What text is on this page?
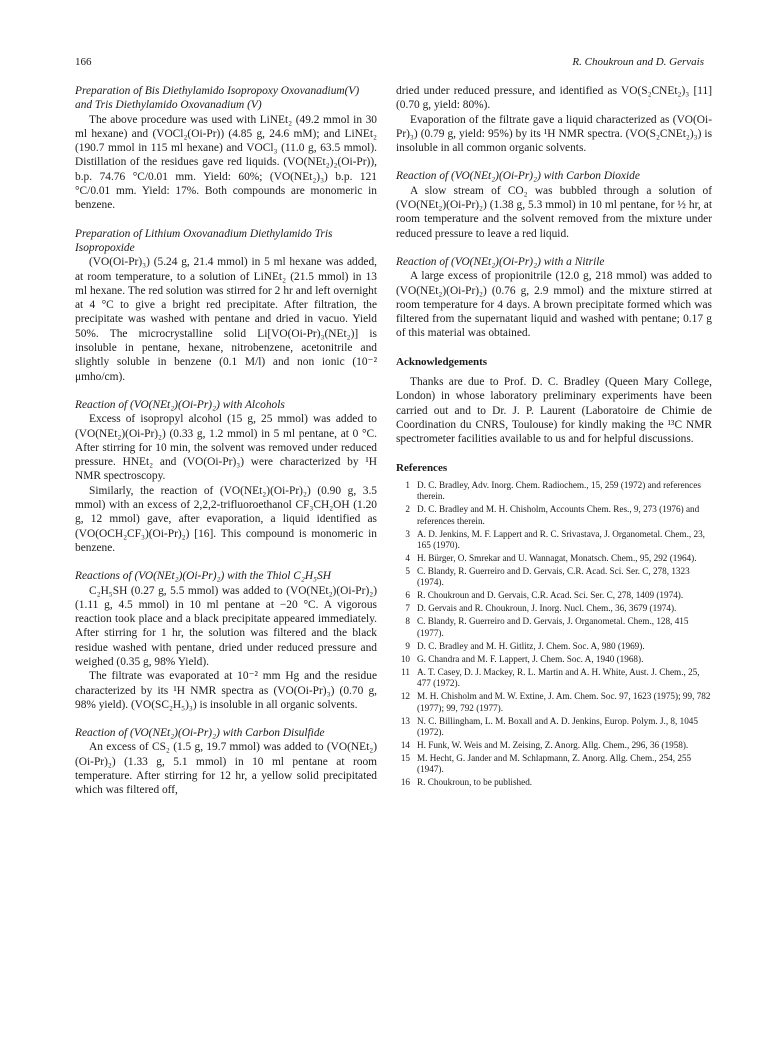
166	R. Choukroun and D. Gervais

Preparation of Bis Diethylamido Isopropoxy Oxovanadium(V) and Tris Diethylamido Oxovanadium (V)

The above procedure was used with LiNEt₂ (49.2 mmol in 30 ml hexane) and (VOCl₂(Oi-Pr)) (4.85 g, 24.6 mM); and LiNEt₂ (190.7 mmol in 115 ml hexane) and VOCl₃ (11.0 g, 63.5 mmol). Distillation of the residues gave red liquids. (VO(NEt₂)₂(Oi-Pr)), b.p. 74.76 °C/0.01 mm. Yield: 60%; (VO(NEt₂)₃) b.p. 121 °C/0.01 mm. Yield: 17%. Both compounds are monomeric in benzene.

Preparation of Lithium Oxovanadium Diethylamido Tris Isopropoxide

(VO(Oi-Pr)₃) (5.24 g, 21.4 mmol) in 5 ml hexane was added, at room temperature, to a solution of LiNEt₂ (21.5 mmol) in 13 ml hexane. The red solution was stirred for 2 hr and left overnight at 4 °C to give a bright red precipitate. After filtration, the precipitate was washed with pentane and dried in vacuo. Yield 50%. The microcrystalline solid Li[VO(Oi-Pr)₃(NEt₂)] is insoluble in pentane, hexane, nitrobenzene, acetonitrile and slightly soluble in benzene (0.1 M/l) and non ionic (10⁻² μmho/cm).

Reaction of (VO(NEt₂)(Oi-Pr)₂) with Alcohols

Excess of isopropyl alcohol (15 g, 25 mmol) was added to (VO(NEt₂)(Oi-Pr)₂) (0.33 g, 1.2 mmol) in 5 ml pentane, at 0 °C. After stirring for 10 min, the solvent was removed under reduced pressure. HNEt₂ and (VO(Oi-Pr)₃) were characterized by ¹H NMR spectroscopy.

Similarly, the reaction of (VO(NEt₂)(Oi-Pr)₂) (0.90 g, 3.5 mmol) with an excess of 2,2,2-trifluoroethanol CF₃CH₂OH (1.20 g, 12 mmol) gave, after evaporation, a liquid identified as (VO(OCH₂CF₃)(Oi-Pr)₂) [16]. This compound is monomeric in benzene.

Reactions of (VO(NEt₂)(Oi-Pr)₂) with the Thiol C₂H₅SH

C₂H₅SH (0.27 g, 5.5 mmol) was added to (VO(NEt₂)(Oi-Pr)₂) (1.11 g, 4.5 mmol) in 10 ml pentane at −20 °C. A vigorous reaction took place and a black precipitate appeared immediately. After stirring for 1 hr, the solution was filtered and the black residue washed with pentane, dried under reduced pressure and weighed (0.35 g, 98% Yield).

The filtrate was evaporated at 10⁻² mm Hg and the residue characterized by its ¹H NMR spectra as (VO(Oi-Pr)₃) (0.70 g, 98% yield). (VO(SC₂H₅)₃) is insoluble in all organic solvents.

Reaction of (VO(NEt₂)(Oi-Pr)₂) with Carbon Disulfide

An excess of CS₂ (1.5 g, 19.7 mmol) was added to (VO(NEt₂)(Oi-Pr)₂) (1.33 g, 5.1 mmol) in 10 ml pentane at room temperature. After stirring for 12 hr, a yellow solid precipitated which was filtered off,

dried under reduced pressure, and identified as VO(S₂CNEt₂)₃ [11] (0.70 g, yield: 80%).

Evaporation of the filtrate gave a liquid characterized as (VO(Oi-Pr)₃) (0.79 g, yield: 95%) by its ¹H NMR spectra. (VO(S₂CNEt₂)₃) is insoluble in all common organic solvents.

Reaction of (VO(NEt₂)(Oi-Pr)₂) with Carbon Dioxide

A slow stream of CO₂ was bubbled through a solution of (VO(NEt₂)(Oi-Pr)₂) (1.38 g, 5.3 mmol) in 10 ml pentane, for ½ hr, at room temperature and the solvent removed from the mixture under reduced pressure to leave a red liquid.

Reaction of (VO(NEt₂)(Oi-Pr)₂) with a Nitrile

A large excess of propionitrile (12.0 g, 218 mmol) was added to (VO(NEt₂)(Oi-Pr)₂) (0.76 g, 2.9 mmol) and the mixture stirred at room temperature for 4 days. A brown precipitate formed which was filtered from the supernatant liquid and washed with pentane; 0.17 g of this material was obtained.

Acknowledgements

Thanks are due to Prof. D. C. Bradley (Queen Mary College, London) in whose laboratory preliminary experiments have been carried out and to Dr. J. P. Laurent (Laboratoire de Chimie de Coordination du CNRS, Toulouse) for kindly making the ¹³C NMR spectrometer facilities available to us and for helpful discussions.

References

1 D. C. Bradley, Adv. Inorg. Chem. Radiochem., 15, 259 (1972) and references therein.
2 D. C. Bradley and M. H. Chisholm, Accounts Chem. Res., 9, 273 (1976) and references therein.
3 A. D. Jenkins, M. F. Lappert and R. C. Srivastava, J. Organometal. Chem., 23, 165 (1970).
4 H. Bürger, O. Smrekar and U. Wannagat, Monatsch. Chem., 95, 292 (1964).
5 C. Blandy, R. Guerreiro and D. Gervais, C.R. Acad. Sci. Ser. C, 278, 1323 (1974).
6 R. Choukroun and D. Gervais, C.R. Acad. Sci. Ser. C, 278, 1409 (1974).
7 D. Gervais and R. Choukroun, J. Inorg. Nucl. Chem., 36, 3679 (1974).
8 C. Blandy, R. Guerreiro and D. Gervais, J. Organometal. Chem., 128, 415 (1977).
9 D. C. Bradley and M. H. Gitlitz, J. Chem. Soc. A, 980 (1969).
10 G. Chandra and M. F. Lappert, J. Chem. Soc. A, 1940 (1968).
11 A. T. Casey, D. J. Mackey, R. L. Martin and A. H. White, Aust. J. Chem., 25, 477 (1972).
12 M. H. Chisholm and M. W. Extine, J. Am. Chem. Soc. 97, 1623 (1975); 99, 782 (1977); 99, 792 (1977).
13 N. C. Billingham, L. M. Boxall and A. D. Jenkins, Europ. Polym. J., 8, 1045 (1972).
14 H. Funk, W. Weis and M. Zeising, Z. Anorg. Allg. Chem., 296, 36 (1958).
15 M. Hecht, G. Jander and M. Schlapmann, Z. Anorg. Allg. Chem., 254, 255 (1947).
16 R. Choukroun, to be published.
